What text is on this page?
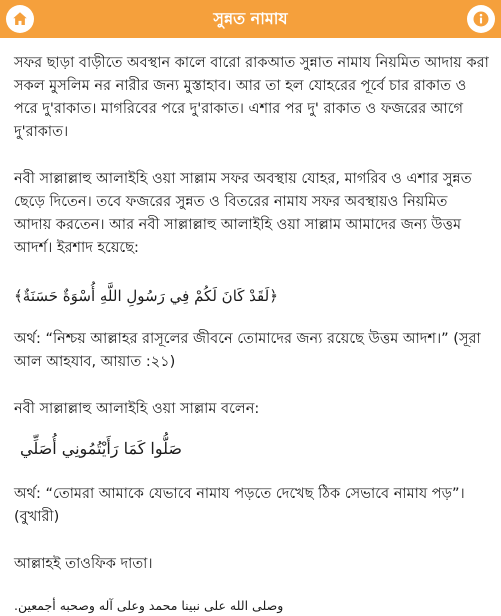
সুন্নত নামায

সফর ছাড়া বাড়ীতে অবস্থান কালে বারো রাকআত সুন্নাত নামায নিয়মিত আদায় করা সকল মুসলিম নর নারীর জন্য মুস্তাহাব। আর তা হল যোহরের পূর্বে চার রাকাত ও পরে দু'রাকাত। মাগরিবের পরে দু'রাকাত। এশার পর দু' রাকাত ও ফজরের আগে দু'রাকাত।

নবী সাল্লাল্লাহু আলাইহি ওয়া সাল্লাম সফর অবস্থায় যোহর, মাগরিব ও এশার সুন্নত ছেড়ে দিতেন। তবে ফজরের সুন্নত ও বিতরের নামায সফর অবস্থায়ও নিয়মিত আদায় করতেন। আর নবী সাল্লাল্লাহু আলাইহি ওয়া সাল্লাম আমাদের জন্য উত্তম আদর্শ। ইরশাদ হয়েছে:

﴿لَقَدْ كَانَ لَكُمْ فِي رَسُولِ اللَّهِ أُسْوَةٌ حَسَنَةٌ﴾

অর্থ: “নিশ্চয় আল্লাহর রাসূলের জীবনে তোমাদের জন্য রয়েছে উত্তম আদশ।” (সূরা আল আহযাব, আয়াত :২১)

নবী সাল্লাল্লাহু আলাইহি ওয়া সাল্লাম বলেন:

صَلُّوا كَمَا رَأَيْتُمُونِي أُصَلِّي

অর্থ: “তোমরা আমাকে যেভাবে নামায পড়তে দেখেছ ঠিক সেভাবে নামায পড়”। (বুখারী)

আল্লাহই তাওফিক দাতা।

وصلى الله على نبينا محمد وعلى آله وصحبه أجمعين.
